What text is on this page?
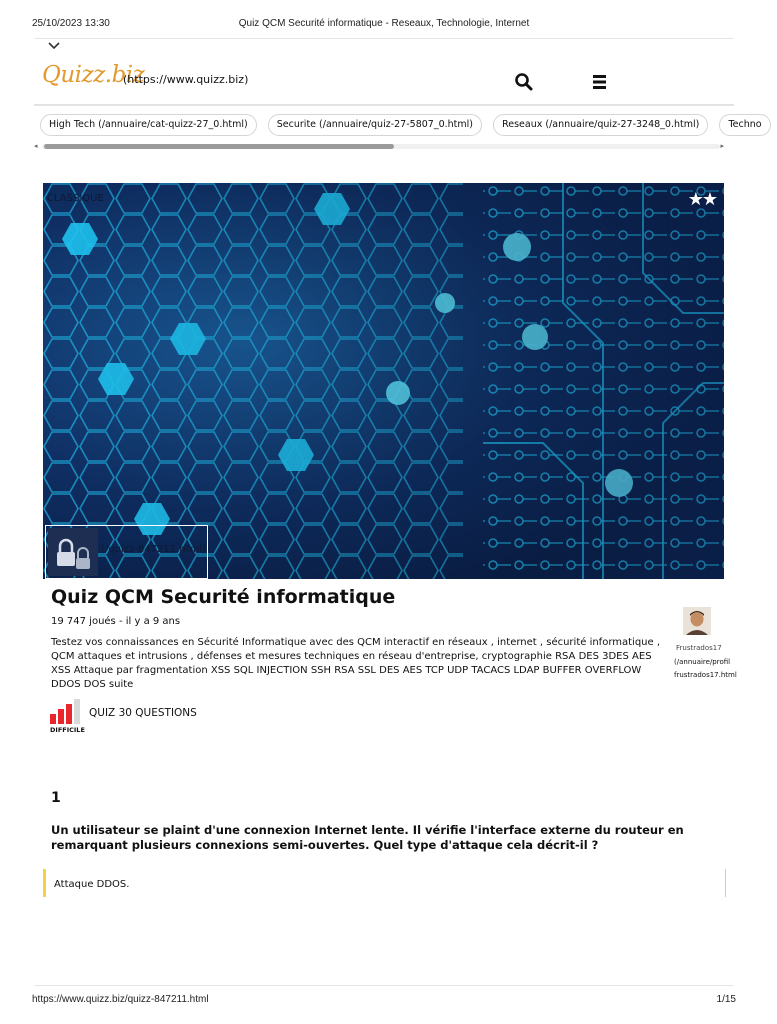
25/10/2023 13:30	Quiz QCM Securité informatique - Reseaux, Technologie, Internet
Quizz.biz
(https://www.quizz.biz)
High Tech (/annuaire/cat-quizz-27_0.html)	Securite (/annuaire/quiz-27-5807_0.html)	Reseaux (/annuaire/quiz-27-3248_0.html)	Techno
◂	▸
CLASSIQUE	★★
(/quizz-847211.html)
Quiz QCM Securité informatique
19 747 joués - il y a 9 ans

Testez vos connaissances en Sécurité Informatique avec des QCM interactif en réseaux , internet , sécurité informatique , QCM attaques et intrusions , défenses et mesures techniques en réseau d'entreprise, cryptographie RSA DES 3DES AES XSS Attaque par fragmentation XSS SQL INJECTION SSH RSA SSL DES AES TCP UDP TACACS LDAP BUFFER OVERFLOW DDOS DOS suite

Frustrados17
(/annuaire/profil
frustrados17.html
DIFFICILE
QUIZ 30 QUESTIONS
1

Un utilisateur se plaint d'une connexion Internet lente. Il vérifie l'interface externe du routeur en remarquant plusieurs connexions semi-ouvertes. Quel type d'attaque cela décrit-il ?

Attaque DDOS.
https://www.quizz.biz/quizz-847211.html	1/15
